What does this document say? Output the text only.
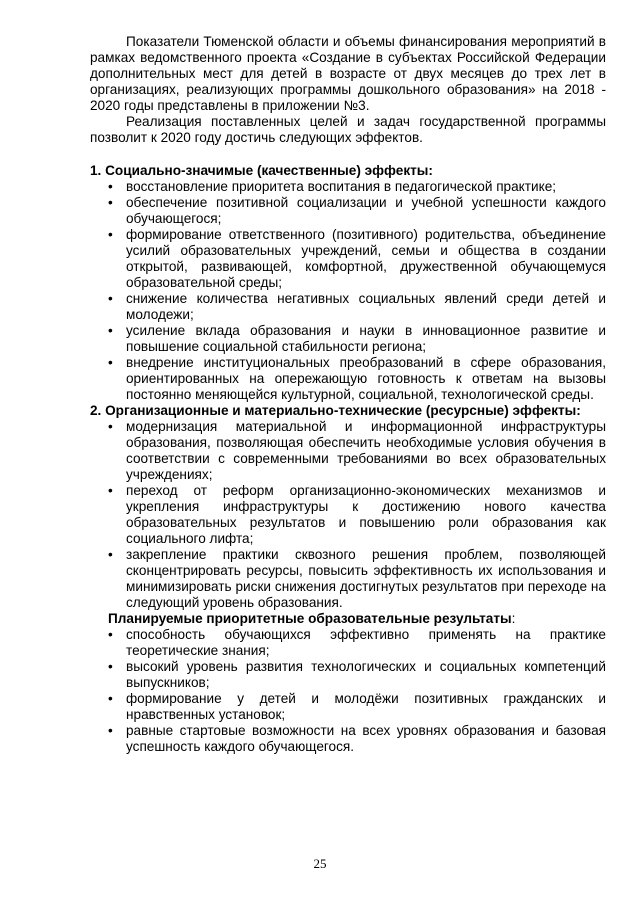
Показатели Тюменской области и объемы финансирования мероприятий в рамках ведомственного проекта «Создание в субъектах Российской Федерации дополнительных мест для детей в возрасте от двух месяцев до трех лет в организациях, реализующих программы дошкольного образования» на 2018 - 2020 годы представлены в приложении №3.

Реализация поставленных целей и задач государственной программы позволит к 2020 году достичь следующих эффектов.

1. Социально-значимые (качественные) эффекты:
• восстановление приоритета воспитания в педагогической практике;
• обеспечение позитивной социализации и учебной успешности каждого обучающегося;
• формирование ответственного (позитивного) родительства, объединение усилий образовательных учреждений, семьи и общества в создании открытой, развивающей, комфортной, дружественной обучающемуся образовательной среды;
• снижение количества негативных социальных явлений среди детей и молодежи;
• усиление вклада образования и науки в инновационное развитие и повышение социальной стабильности региона;
• внедрение институциональных преобразований в сфере образования, ориентированных на опережающую готовность к ответам на вызовы постоянно меняющейся культурной, социальной, технологической среды.
2. Организационные и материально-технические (ресурсные) эффекты:
• модернизация материальной и информационной инфраструктуры образования, позволяющая обеспечить необходимые условия обучения в соответствии с современными требованиями во всех образовательных учреждениях;
• переход от реформ организационно-экономических механизмов и укрепления инфраструктуры к достижению нового качества образовательных результатов и повышению роли образования как социального лифта;
• закрепление практики сквозного решения проблем, позволяющей сконцентрировать ресурсы, повысить эффективность их использования и минимизировать риски снижения достигнутых результатов при переходе на следующий уровень образования.
Планируемые приоритетные образовательные результаты:
• способность обучающихся эффективно применять на практике теоретические знания;
• высокий уровень развития технологических и социальных компетенций выпускников;
• формирование у детей и молодёжи позитивных гражданских и нравственных установок;
• равные стартовые возможности на всех уровнях образования и базовая успешность каждого обучающегося.
25
